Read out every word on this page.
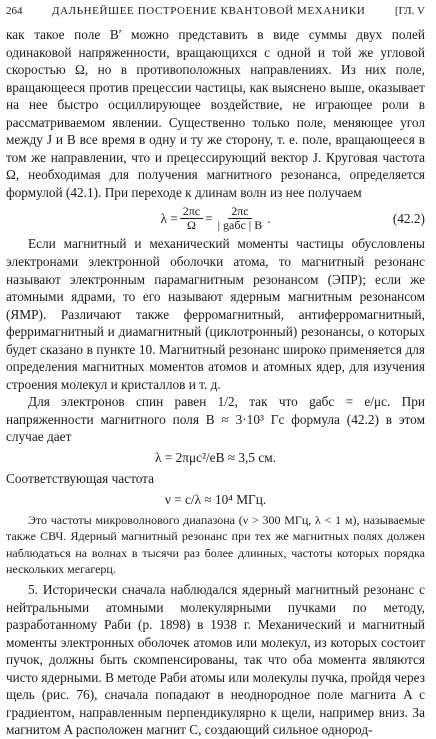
264	ДАЛЬНЕЙШЕЕ ПОСТРОЕНИЕ КВАНТОВОЙ МЕХАНИКИ	[ГЛ. V

как такое поле B′ можно представить в виде суммы двух полей одинаковой напряженности, вращающихся с одной и той же угловой скоростью Ω, но в противоположных направлениях. Из них поле, вращающееся против прецессии частицы, как выяснено выше, оказывает на нее быстро осциллирующее воздействие, не играющее роли в рассматриваемом явлении. Существенно только поле, меняющее угол между J и B все время в одну и ту же сторону, т. е. поле, вращающееся в том же направлении, что и прецессирующий вектор J. Круговая частота Ω, необходимая для получения магнитного резонанса, определяется формулой (42.1). При переходе к длинам волн из нее получаем

$\lambda = \frac{2\pi c}{\Omega} = \frac{2\pi c}{\text{| gабс | B}}$ .	(42.2)

Если магнитный и механический моменты частицы обусловлены электронами электронной оболочки атома, то магнитный резонанс называют электронным парамагнитным резонансом (ЭПР); если же атомными ядрами, то его называют ядерным магнитным резонансом (ЯМР). Различают также ферромагнитный, антиферромагнитный, ферримагнитный и диамагнитный (циклотронный) резонансы, о которых будет сказано в пункте 10. Магнитный резонанс широко применяется для определения магнитных моментов атомов и атомных ядер, для изучения строения молекул и кристаллов и т. д.

Для электронов спин равен 1/2, так что gабс = e/μc. При напряженности магнитного поля B ≈ 3·10³ Гс формула (42.2) в этом случае дает

λ = 2πμc²/eB ≈ 3,5 см.

Соответствующая частота

ν = c/λ ≈ 10⁴ МГц.

Это частоты микроволнового диапазона (ν > 300 МГц, λ < 1 м), называемые также СВЧ. Ядерный магнитный резонанс при тех же магнитных полях должен наблюдаться на волнах в тысячи раз более длинных, частоты которых порядка нескольких мегагерц.

5. Исторически сначала наблюдался ядерный магнитный резонанс с нейтральными атомными молекулярными пучками по методу, разработанному Раби (р. 1898) в 1938 г. Механический и магнитный моменты электронных оболочек атомов или молекул, из которых состоит пучок, должны быть скомпенсированы, так что оба момента являются чисто ядерными. В методе Раби атомы или молекулы пучка, пройдя через щель (рис. 76), сначала попадают в неоднородное поле магнита A с градиентом, направленным перпендикулярно к щели, например вниз. За магнитом A расположен магнит C, создающий сильное однород-
